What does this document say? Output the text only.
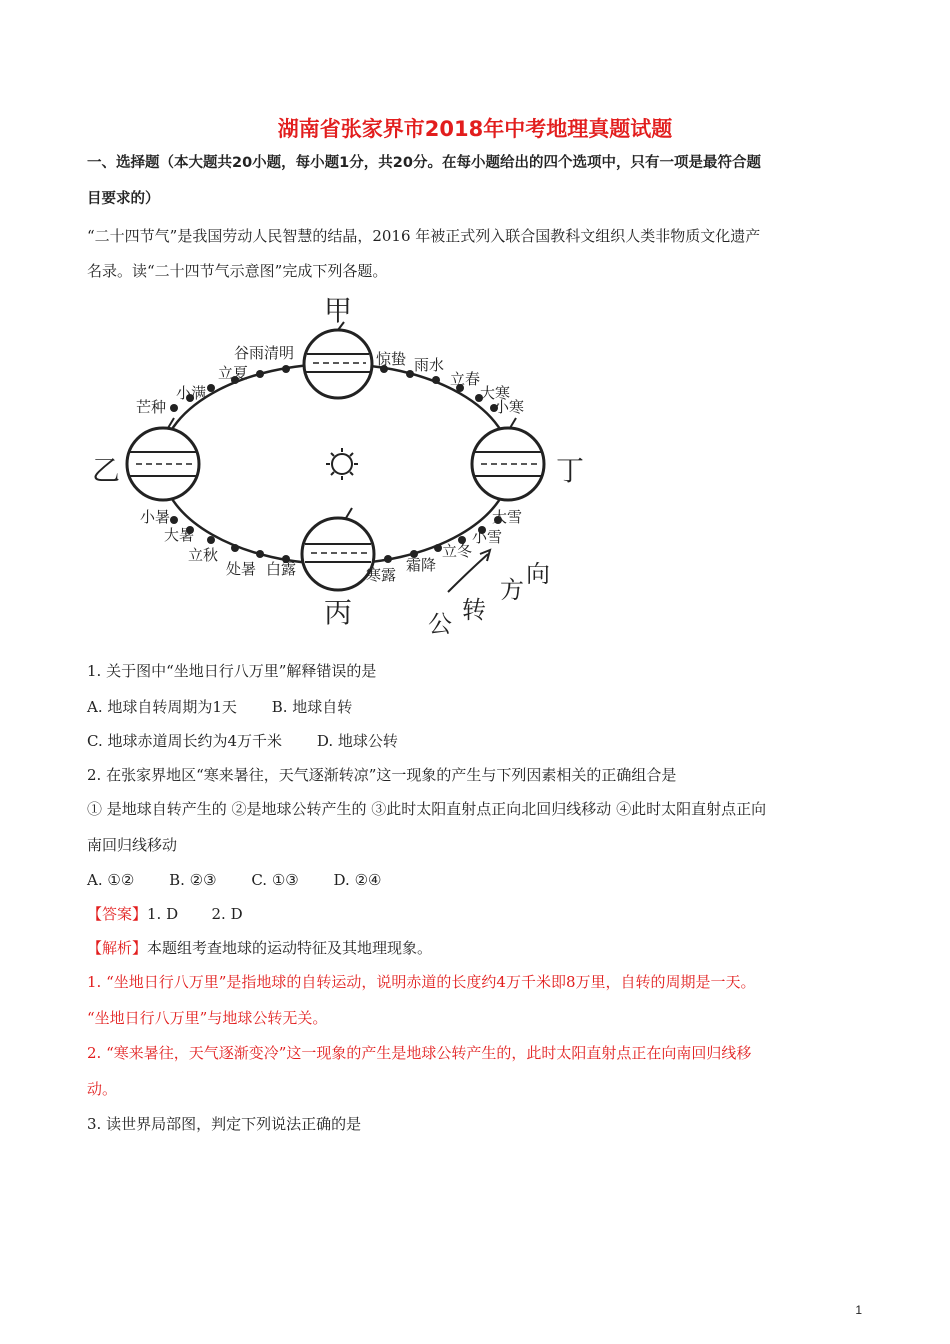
湖南省张家界市2018年中考地理真题试题
一、选择题（本大题共20小题，每小题1分，共20分。在每小题给出的四个选项中，只有一项是最符合题
目要求的）
“二十四节气”是我国劳动人民智慧的结晶，2016 年被正式列入联合国教科文组织人类非物质文化遗产
名录。读“二十四节气示意图”完成下列各题。
甲
乙
丙
丁
谷雨清明
立夏
小满
芒种
惊蛰 雨水
立春
大寒
小寒
小暑
大暑
立秋
处暑 白露	寒露
霜降
立冬
小雪
大雪
公 转
方
向
1. 关于图中“坐地日行八万里”解释错误的是
A. 地球自转周期为1天 B. 地球自转
C. 地球赤道周长约为4万千米 D. 地球公转
2. 在张家界地区“寒来暑往，天气逐渐转凉”这一现象的产生与下列因素相关的正确组合是
① 是地球自转产生的 ②是地球公转产生的 ③此时太阳直射点正向北回归线移动 ④此时太阳直射点正向
南回归线移动
A. ①② B. ②③ C. ①③ D. ②④
【答案】1. D       2. D
【解析】本题组考查地球的运动特征及其地理现象。
1. “坐地日行八万里”是指地球的自转运动，说明赤道的长度约4万千米即8万里，自转的周期是一天。
“坐地日行八万里”与地球公转无关。
2. “寒来暑往，天气逐渐变冷”这一现象的产生是地球公转产生的，此时太阳直射点正在向南回归线移
动。
3. 读世界局部图，判定下列说法正确的是
1
